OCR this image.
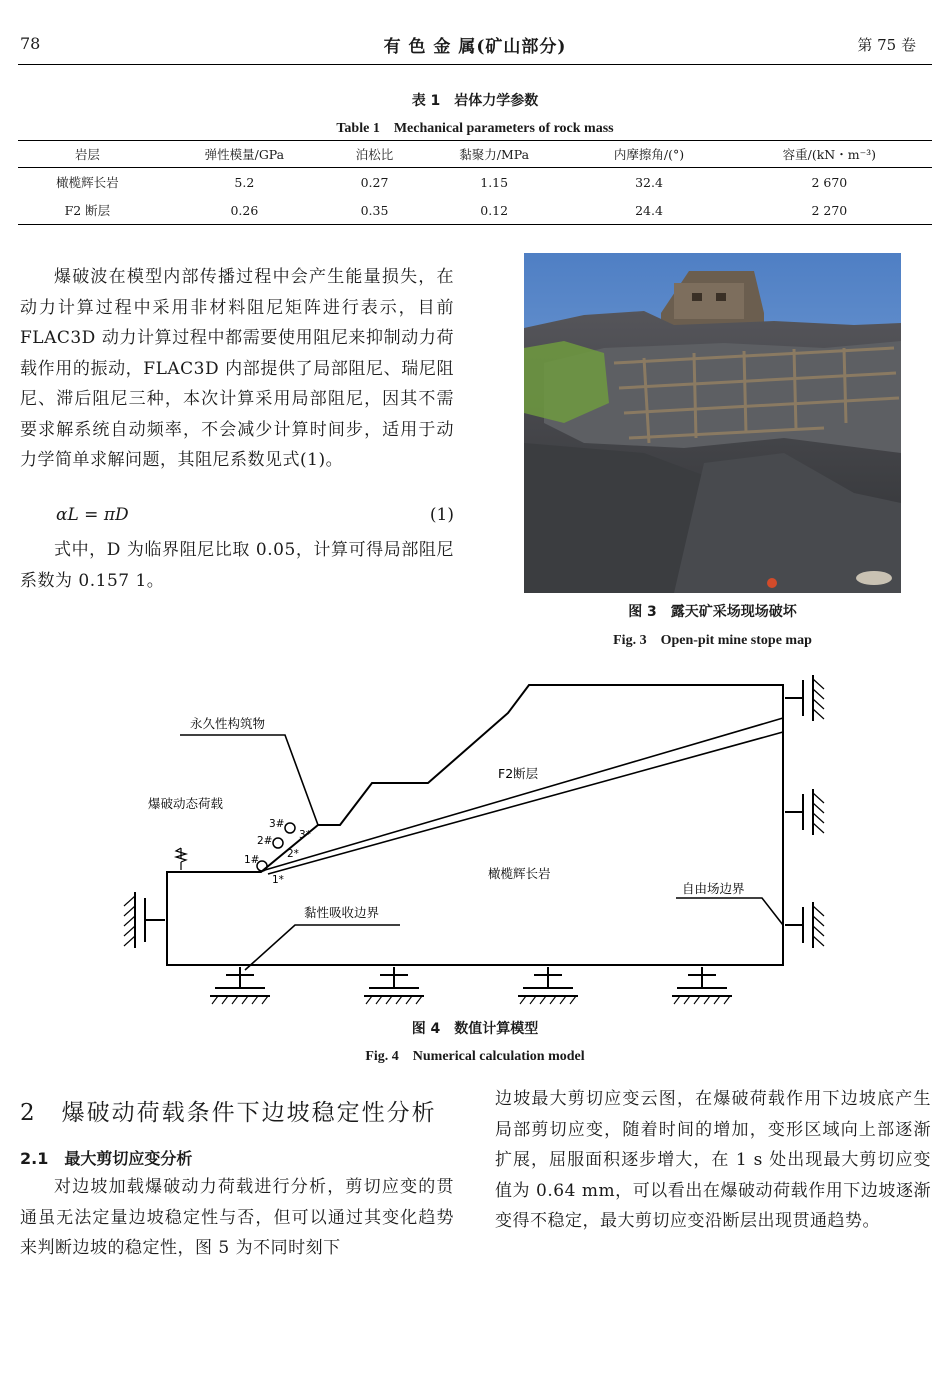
78	有 色 金 属(矿山部分)	第 75 卷
表 1　岩体力学参数
Table 1　Mechanical parameters of rock mass
岩层	弹性模量/GPa	泊松比	黏聚力/MPa	内摩擦角/(°)	容重/(kN・m⁻³)
橄榄辉长岩	5.2	0.27	1.15	32.4	2 670
F2 断层	0.26	0.35	0.12	24.4	2 270

爆破波在模型内部传播过程中会产生能量损失，在动力计算过程中采用非材料阻尼矩阵进行表示，目前 FLAC3D 动力计算过程中都需要使用阻尼来抑制动力荷载作用的振动，FLAC3D 内部提供了局部阻尼、瑞尼阻尼、滞后阻尼三种，本次计算采用局部阻尼，因其不需要求解系统自动频率，不会减少计算时间步，适用于动力学简单求解问题，其阻尼系数见式(1)。

αL = πD	(1)

式中，D 为临界阻尼比取 0.05，计算可得局部阻尼系数为 0.157 1。

图 3　露天矿采场现场破坏
Fig. 3　Open-pit mine stope map
永久性构筑物
爆破动态荷载
F2断层
橄榄辉长岩
自由场边界
黏性吸收边界
1#
2#
3#
1*
2*
3*
图 4　数值计算模型
Fig. 4　Numerical calculation model
2　爆破动荷载条件下边坡稳定性分析
2.1　最大剪切应变分析

对边坡加载爆破动力荷载进行分析，剪切应变的贯通虽无法定量边坡稳定性与否，但可以通过其变化趋势来判断边坡的稳定性，图 5 为不同时刻下

边坡最大剪切应变云图，在爆破荷载作用下边坡底产生局部剪切应变，随着时间的增加，变形区域向上部逐渐扩展，屈服面积逐步增大，在 1 s 处出现最大剪切应变值为 0.64 mm，可以看出在爆破动荷载作用下边坡逐渐变得不稳定，最大剪切应变沿断层出现贯通趋势。
